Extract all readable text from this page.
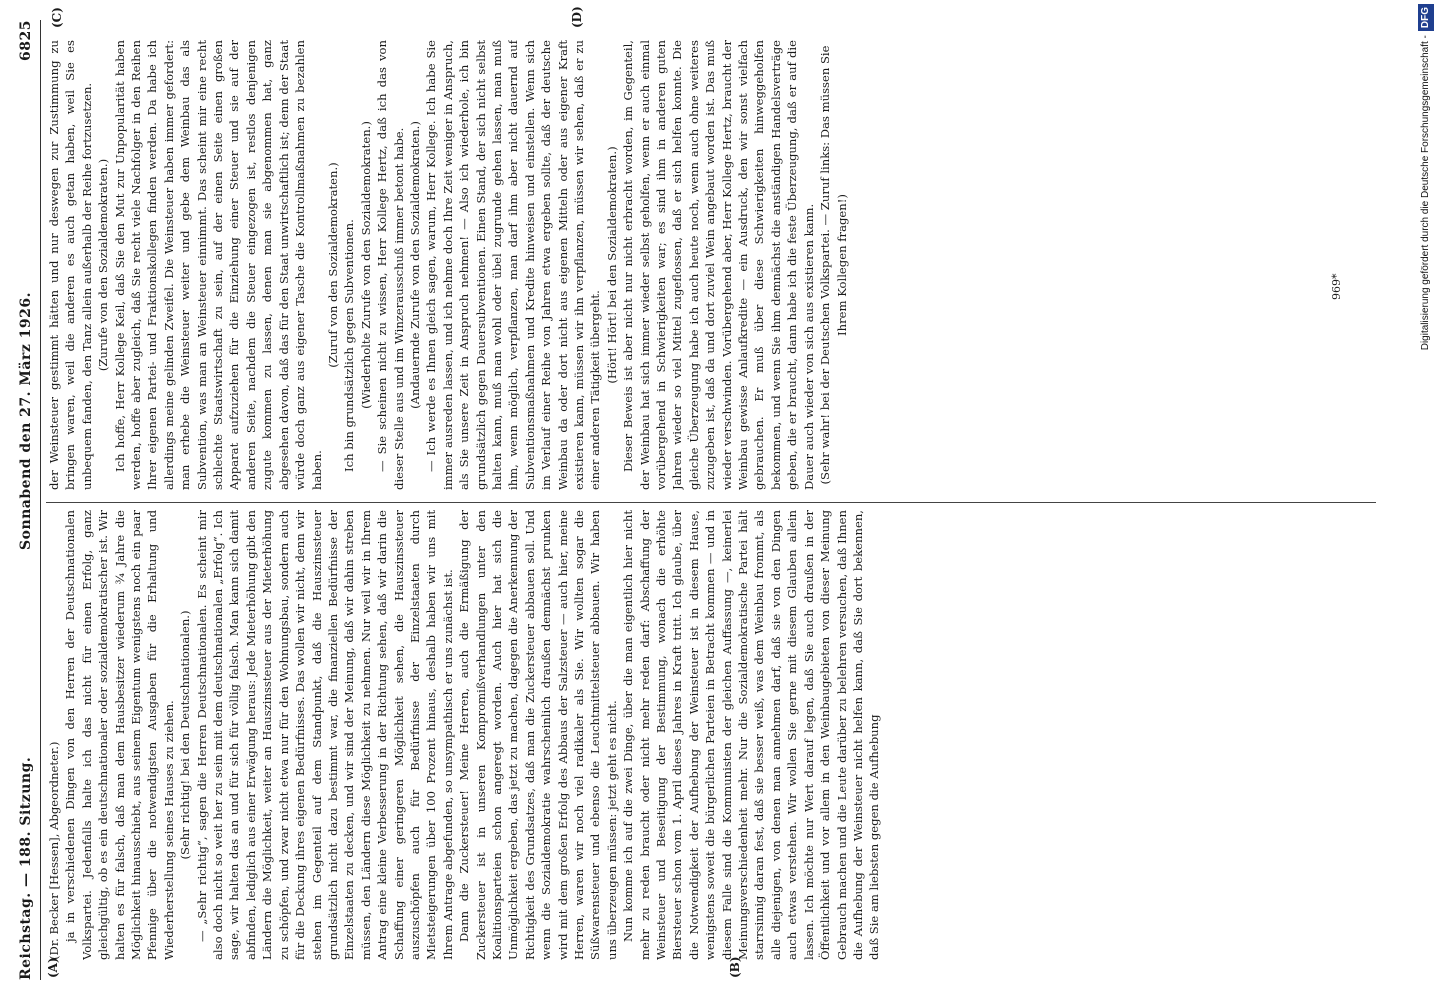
Reichstag. — 188. Sitzung.
Sonnabend den 27. März 1926.
6825
(A)	(B)
(C)	(D)

(Dr. Becker [Hessen], Abgeordneter.) ja in verschiedenen Dingen von den Herren der Deutschnationalen Volkspartei. Jedenfalls halte ich das nicht für einen Erfolg, ganz gleichgültig, ob es ein deutschnationaler oder sozialdemokratischer ist. Wir halten es für falsch, daß man dem Hausbesitzer wiederum ¾ Jahre die Möglichkeit hinausschiebt, aus seinem Eigentum wenigstens noch ein paar Pfennige über die notwendigsten Ausgaben für die Erhaltung und Wiederherstellung seines Hauses zu ziehen. (Sehr richtig! bei den Deutschnationalen.) — „Sehr richtig“, sagen die Herren Deutschnationalen. Es scheint mir also doch nicht so weit her zu sein mit dem deutschnationalen „Erfolg“. Ich sage, wir halten das an und für sich für völlig falsch. Man kann sich damit abfinden, lediglich aus einer Erwägung heraus: Jede Mieterhöhung gibt den Ländern die Möglichkeit, weiter an Hauszinssteuer aus der Mieterhöhung zu schöpfen, und zwar nicht etwa nur für den Wohnungsbau, sondern auch für die Deckung ihres eigenen Bedürfnisses. Das wollen wir nicht, denn wir stehen im Gegenteil auf dem Standpunkt, daß die Hauszinssteuer grundsätzlich nicht dazu bestimmt war, die finanziellen Bedürfnisse der Einzelstaaten zu decken, und wir sind der Meinung, daß wir dahin streben müssen, den Ländern diese Möglichkeit zu nehmen. Nur weil wir in Ihrem Antrag eine kleine Verbesserung in der Richtung sehen, daß wir darin die Schaffung einer geringeren Möglichkeit sehen, die Hauszinssteuer auszuschöpfen auch für Bedürfnisse der Einzelstaaten durch Mietsteigerungen über 100 Prozent hinaus, deshalb haben wir uns mit Ihrem Antrage abgefunden, so unsympathisch er uns zunächst ist. Dann die Zuckersteuer! Meine Herren, auch die Ermäßigung der Zuckersteuer ist in unseren Kompromißverhandlungen unter den Koalitionsparteien schon angeregt worden. Auch hier hat sich die Unmöglichkeit ergeben, das jetzt zu machen, dagegen die Anerkennung der Richtigkeit des Grundsatzes, daß man die Zuckersteuer abbauen soll. Und wenn die Sozialdemokratie wahrscheinlich draußen demnächst prunken wird mit dem großen Erfolg des Abbaus der Salzsteuer — auch hier, meine Herren, waren wir noch viel radikaler als Sie. Wir wollten sogar die Süßwarensteuer und ebenso die Leuchtmittelsteuer abbauen. Wir haben uns überzeugen müssen: jetzt geht es nicht. Nun komme ich auf die zwei Dinge, über die man eigentlich hier nicht mehr zu reden braucht oder nicht mehr reden darf: Abschaffung der Weinsteuer und Beseitigung der Bestimmung, wonach die erhöhte Biersteuer schon vom 1. April dieses Jahres in Kraft tritt. Ich glaube, über die Notwendigkeit der Aufhebung der Weinsteuer ist in diesem Hause, wenigstens soweit die bürgerlichen Parteien in Betracht kommen — und in diesem Falle sind die Kommunisten der gleichen Auffassung —, keinerlei Meinungsverschiedenheit mehr. Nur die Sozialdemokratische Partei hält starrsinnig daran fest, daß sie besser weiß, was dem Weinbau frommt, als alle diejenigen, von denen man annehmen darf, daß sie von den Dingen auch etwas verstehen. Wir wollen Sie gerne mit diesem Glauben allein lassen. Ich möchte nur Wert darauf legen, daß Sie auch draußen in der Öffentlichkeit und vor allem in den Weinbaugebieten von dieser Meinung Gebrauch machen und die Leute darüber zu belehren versuchen, daß Ihnen die Aufhebung der Weinsteuer nicht helfen kann, daß Sie dort bekennen, daß Sie am liebsten gegen die Aufhebung

der Weinsteuer gestimmt hätten und nur deswegen zur Zustimmung zu bringen waren, weil die anderen es auch getan haben, weil Sie es unbequem fanden, den Tanz allein außerhalb der Reihe fortzusetzen. (Zurufe von den Sozialdemokraten.) Ich hoffe, Herr Kollege Keil, daß Sie den Mut zur Unpopularität haben werden, hoffe aber zugleich, daß Sie recht viele Nachfolger in den Reihen Ihrer eigenen Partei- und Fraktionskollegen finden werden. Da habe ich allerdings meine gelinden Zweifel. Die Weinsteuer haben immer gefordert: man erhebe die Weinsteuer weiter und gebe dem Weinbau das als Subvention, was man an Weinsteuer einnimmt. Das scheint mir eine recht schlechte Staatswirtschaft zu sein, auf der einen Seite einen großen Apparat aufzuziehen für die Einziehung einer Steuer und sie auf der anderen Seite, nachdem die Steuer eingezogen ist, restlos denjenigen zugute kommen zu lassen, denen man sie abgenommen hat, ganz abgesehen davon, daß das für den Staat unwirtschaftlich ist; denn der Staat würde doch ganz aus eigener Tasche die Kontrollmaßnahmen zu bezahlen haben.

(Zuruf von den Sozialdemokraten.) Ich bin grundsätzlich gegen Subventionen. (Wiederholte Zurufe von den Sozialdemokraten.) — Sie scheinen nicht zu wissen, Herr Kollege Hertz, daß ich das von dieser Stelle aus und im Winzerausschuß immer betont habe. (Andauernde Zurufe von den Sozialdemokraten.) — Ich werde es Ihnen gleich sagen, warum, Herr Kollege. Ich habe Sie immer ausreden lassen, und ich nehme doch Ihre Zeit weniger in Anspruch, als Sie unsere Zeit in Anspruch nehmen! — Also ich wiederhole, ich bin grundsätzlich gegen Dauersubventionen. Einen Stand, der sich nicht selbst halten kann, muß man wohl oder übel zugrunde gehen lassen, man muß ihm, wenn möglich, verpflanzen, man darf ihm aber nicht dauernd auf Subventionsmaßnahmen und Kredite hinweisen und einstellen. Wenn sich im Verlauf einer Reihe von Jahren etwa ergeben sollte, daß der deutsche Weinbau da oder dort nicht aus eigenen Mitteln oder aus eigener Kraft existieren kann, müssen wir ihn verpflanzen, müssen wir sehen, daß er zu einer anderen Tätigkeit übergeht.

(Hört! Hört! bei den Sozialdemokraten.) Dieser Beweis ist aber nicht nur nicht erbracht worden, im Gegenteil, der Weinbau hat sich immer wieder selbst geholfen, wenn er auch einmal vorübergehend in Schwierigkeiten war; es sind ihm in anderen guten Jahren wieder so viel Mittel zugeflossen, daß er sich helfen konnte. Die gleiche Überzeugung habe ich auch heute noch, wenn auch ohne weiteres zuzugeben ist, daß da und dort zuviel Wein angebaut worden ist. Das muß wieder verschwinden. Vorübergehend aber, Herr Kollege Hertz, braucht der Weinbau gewisse Anlaufkredite — ein Ausdruck, den wir sonst vielfach gebrauchen. Er muß über diese Schwierigkeiten hinweggeholfen bekommen, und wenn Sie ihm demnächst die anständigen Handelsverträge geben, die er braucht, dann habe ich die feste Überzeugung, daß er auf die Dauer auch wieder von sich aus existieren kann. (Sehr wahr! bei der Deutschen Volkspartei. — Zuruf links: Das müssen Sie Ihrem Kollegen fragen!)	969*	Digitalisierung gefördert durch die Deutsche Forschungsgemeinschaft -DFG
